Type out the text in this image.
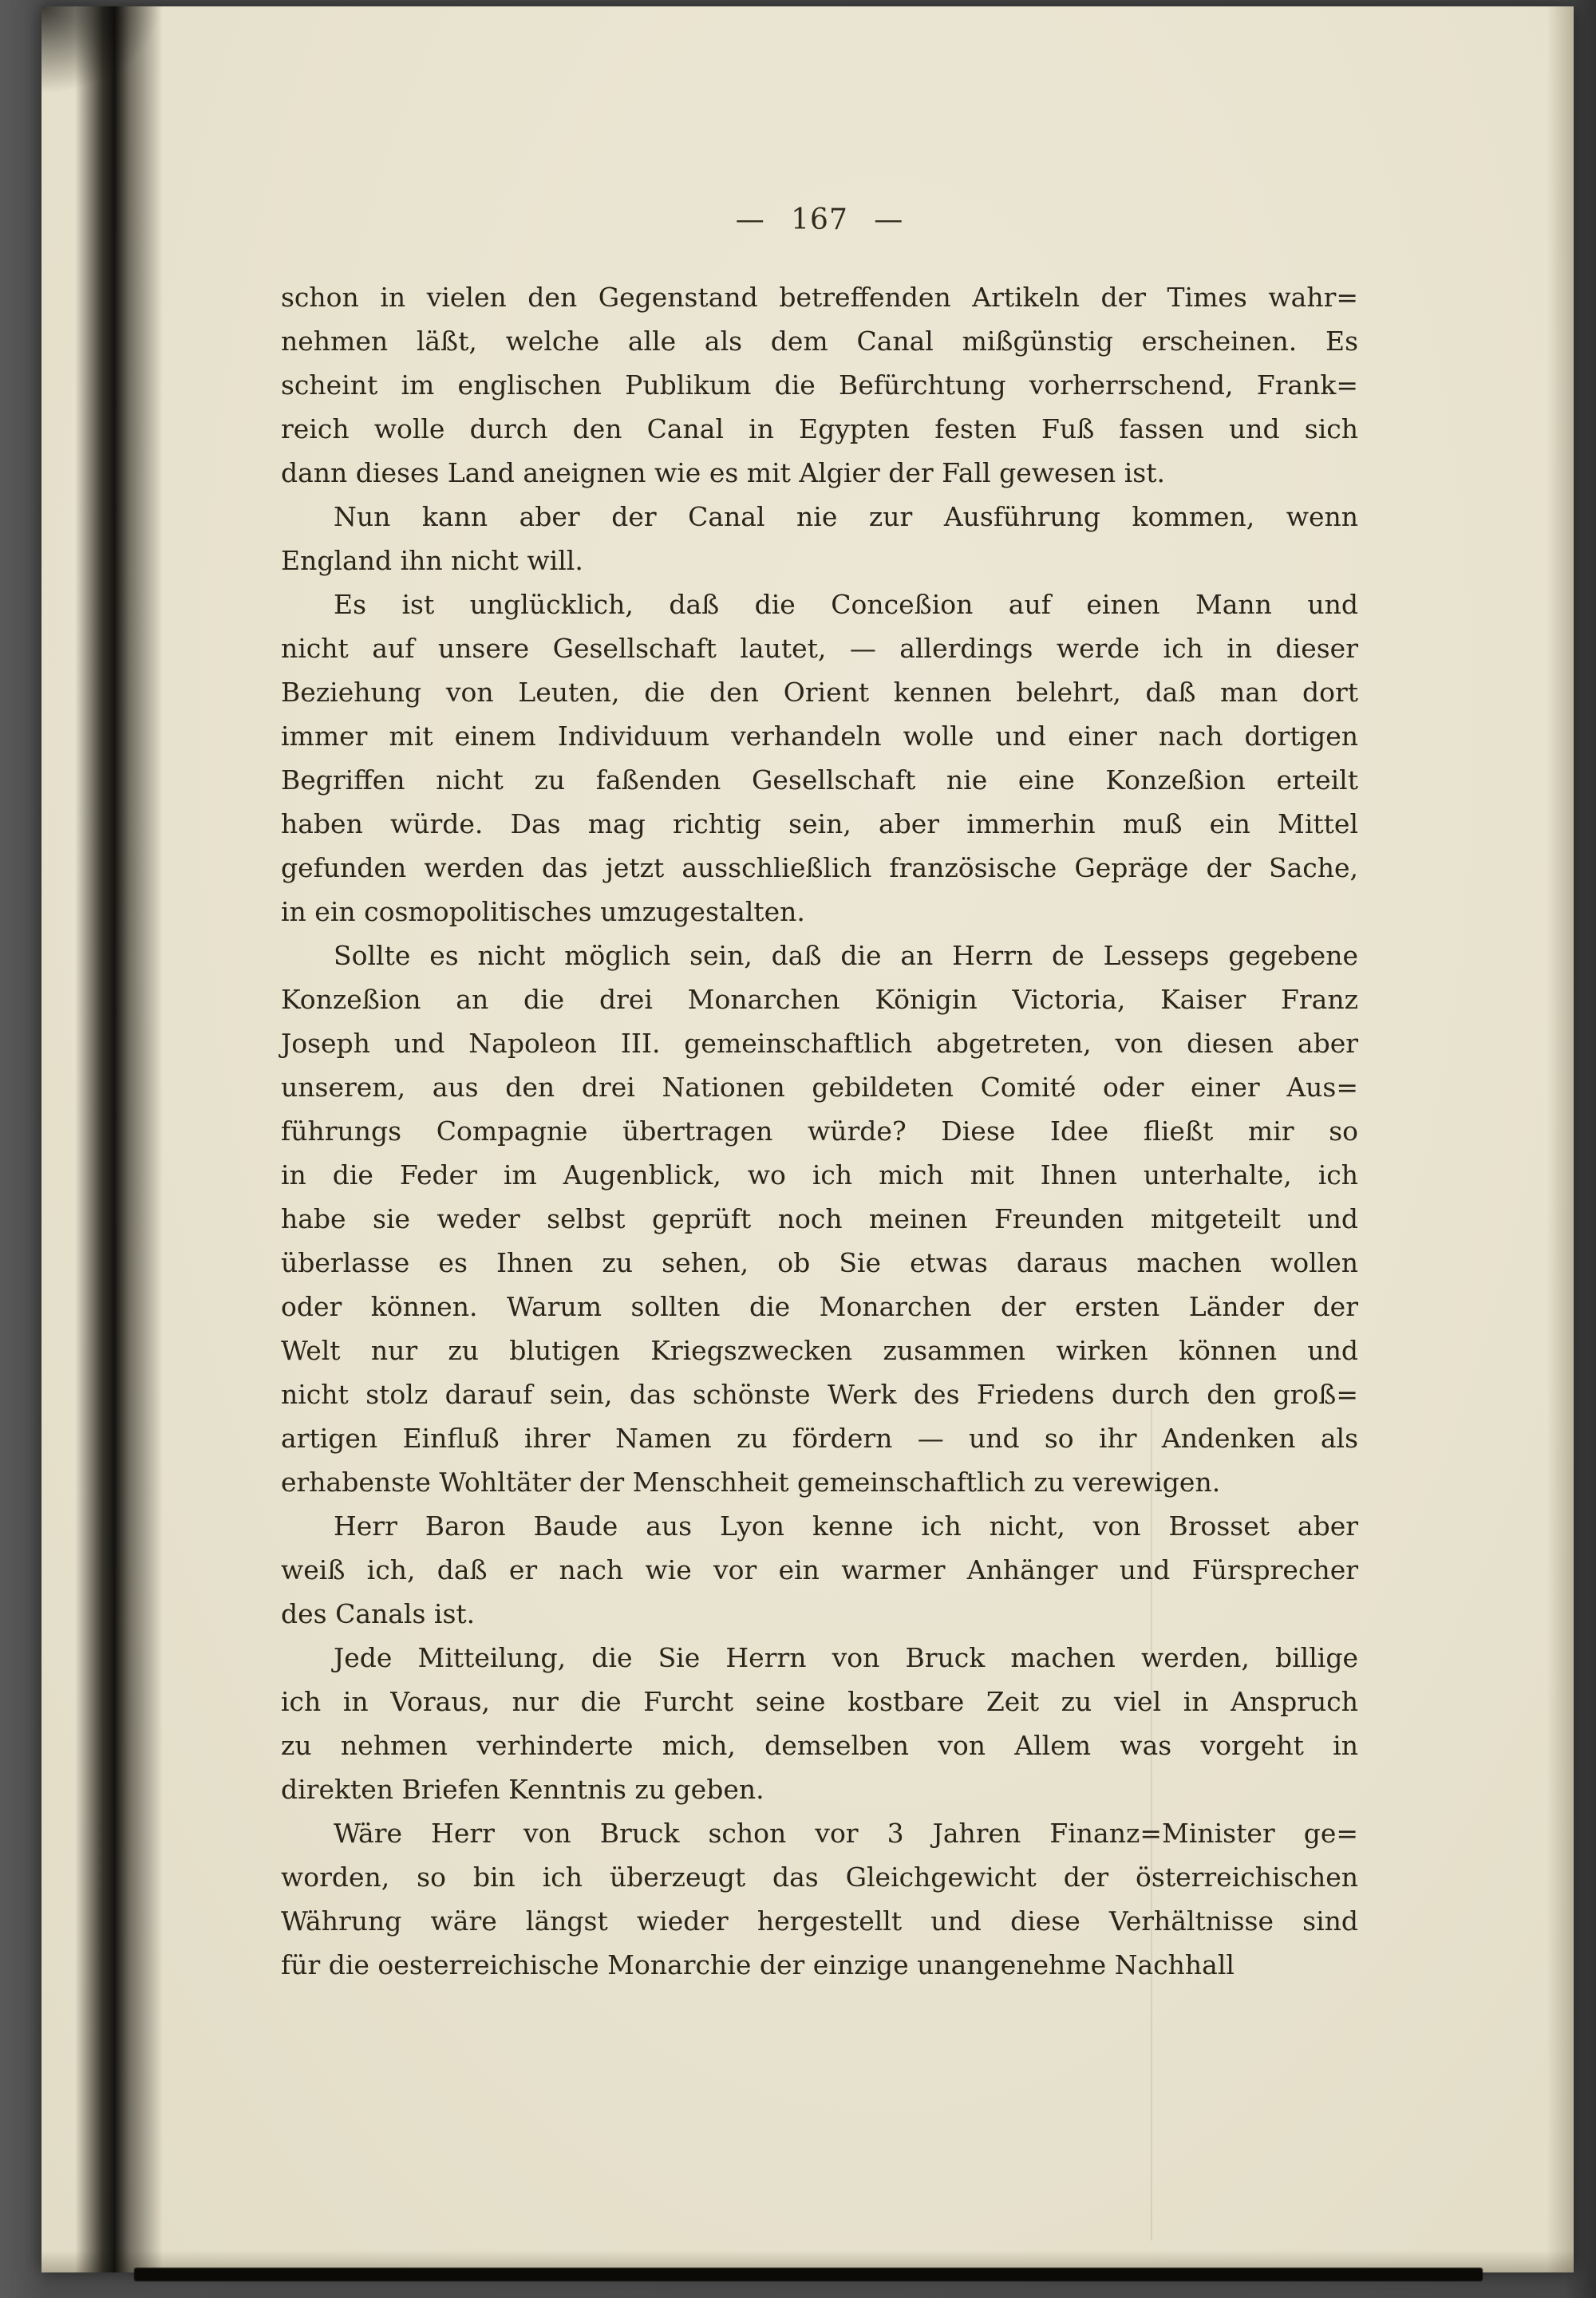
— 167 —
schon in vielen den Gegenstand betreffenden Artikeln der Times wahr=
nehmen läßt, welche alle als dem Canal mißgünstig erscheinen. Es
scheint im englischen Publikum die Befürchtung vorherrschend, Frank=
reich wolle durch den Canal in Egypten festen Fuß fassen und sich
dann dieses Land aneignen wie es mit Algier der Fall gewesen ist.
Nun kann aber der Canal nie zur Ausführung kommen, wenn
England ihn nicht will.
Es ist unglücklich, daß die Conceßion auf einen Mann und
nicht auf unsere Gesellschaft lautet, — allerdings werde ich in dieser
Beziehung von Leuten, die den Orient kennen belehrt, daß man dort
immer mit einem Individuum verhandeln wolle und einer nach dortigen
Begriffen nicht zu faßenden Gesellschaft nie eine Konzeßion erteilt
haben würde. Das mag richtig sein, aber immerhin muß ein Mittel
gefunden werden das jetzt ausschließlich französische Gepräge der Sache,
in ein cosmopolitisches umzugestalten.
Sollte es nicht möglich sein, daß die an Herrn de Lesseps gegebene
Konzeßion an die drei Monarchen Königin Victoria, Kaiser Franz
Joseph und Napoleon III. gemeinschaftlich abgetreten, von diesen aber
unserem, aus den drei Nationen gebildeten Comité oder einer Aus=
führungs Compagnie übertragen würde? Diese Idee fließt mir so
in die Feder im Augenblick, wo ich mich mit Ihnen unterhalte, ich
habe sie weder selbst geprüft noch meinen Freunden mitgeteilt und
überlasse es Ihnen zu sehen, ob Sie etwas daraus machen wollen
oder können. Warum sollten die Monarchen der ersten Länder der
Welt nur zu blutigen Kriegszwecken zusammen wirken können und
nicht stolz darauf sein, das schönste Werk des Friedens durch den groß=
artigen Einfluß ihrer Namen zu fördern — und so ihr Andenken als
erhabenste Wohltäter der Menschheit gemeinschaftlich zu verewigen.
Herr Baron Baude aus Lyon kenne ich nicht, von Brosset aber
weiß ich, daß er nach wie vor ein warmer Anhänger und Fürsprecher
des Canals ist.
Jede Mitteilung, die Sie Herrn von Bruck machen werden, billige
ich in Voraus, nur die Furcht seine kostbare Zeit zu viel in Anspruch
zu nehmen verhinderte mich, demselben von Allem was vorgeht in
direkten Briefen Kenntnis zu geben.
Wäre Herr von Bruck schon vor 3 Jahren Finanz=Minister ge=
worden, so bin ich überzeugt das Gleichgewicht der österreichischen
Währung wäre längst wieder hergestellt und diese Verhältnisse sind
für die oesterreichische Monarchie der einzige unangenehme Nachhall
